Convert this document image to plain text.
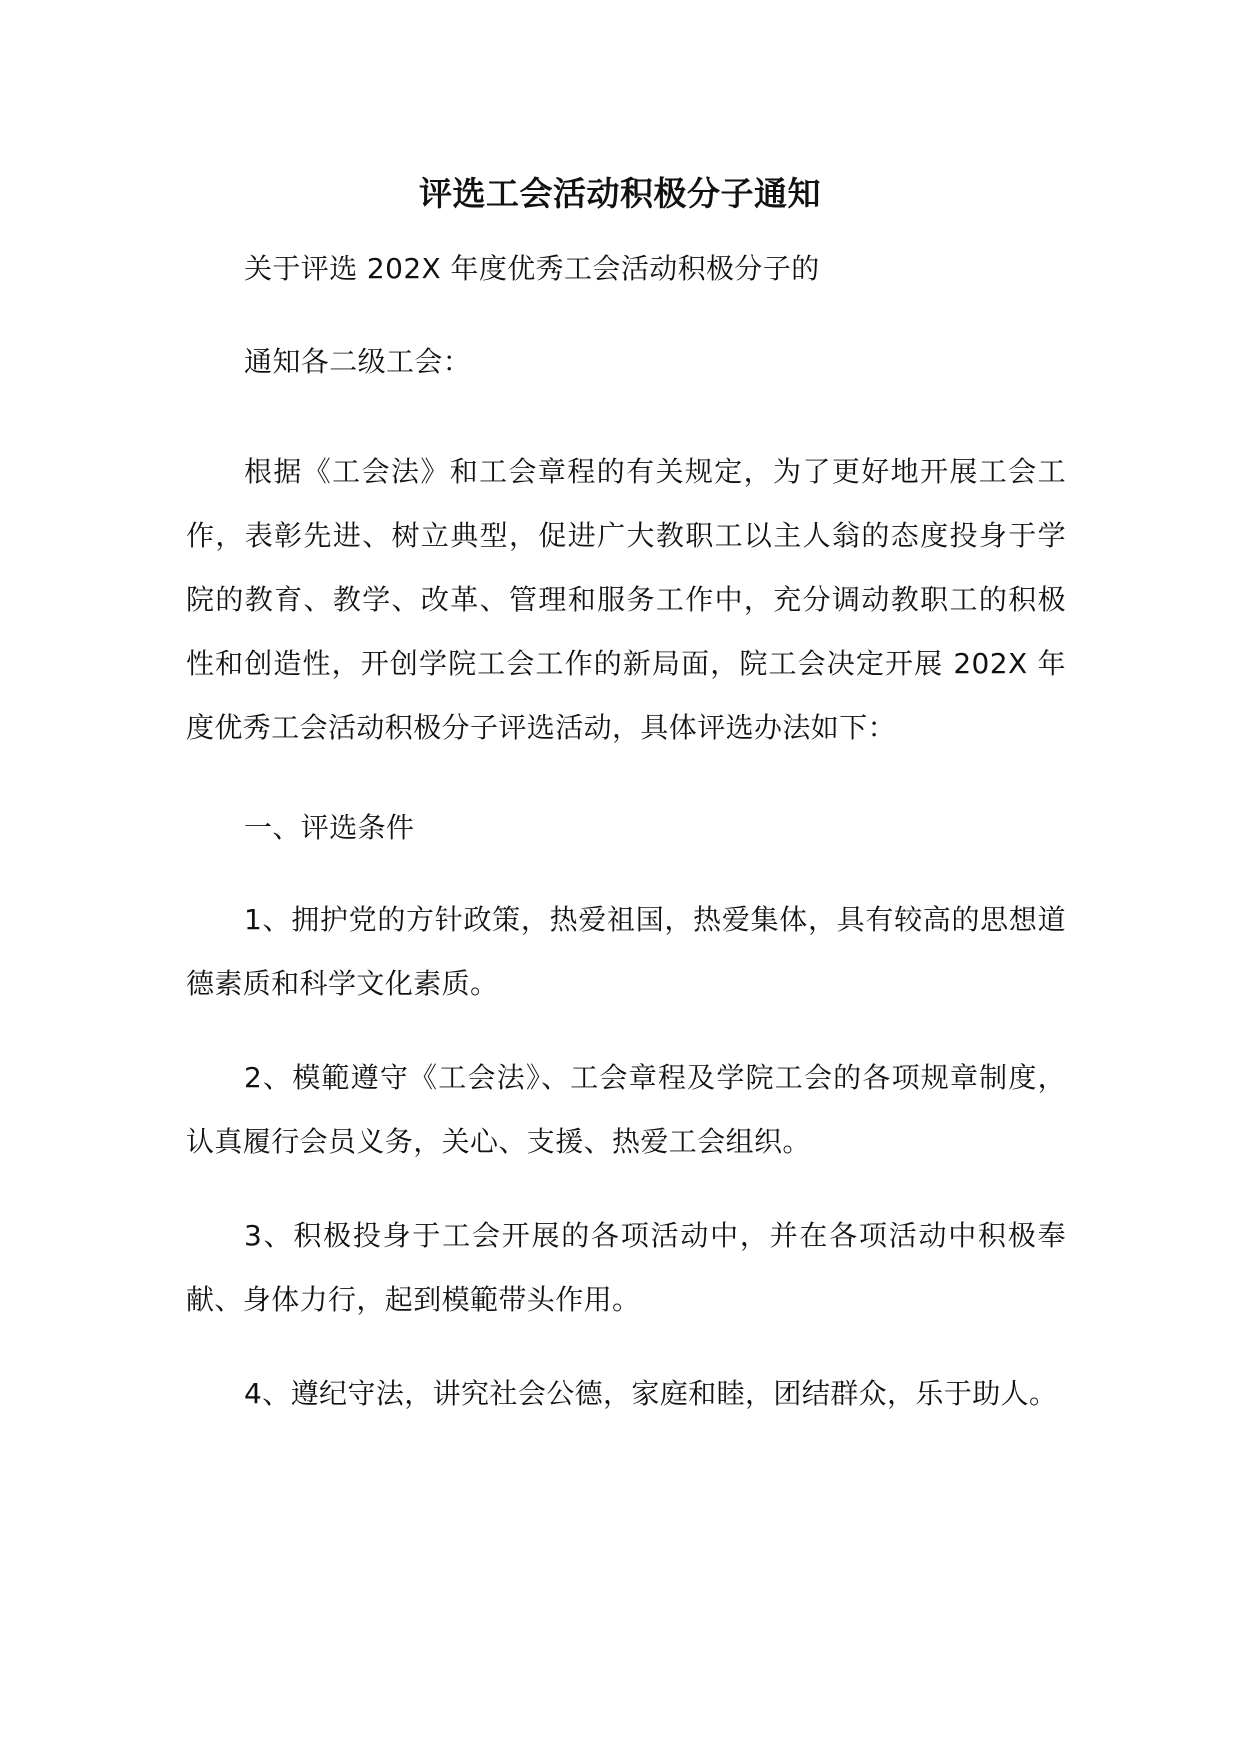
评选工会活动积极分子通知

关于评选 202X 年度优秀工会活动积极分子的

通知各二级工会：

根据《工会法》和工会章程的有关规定，为了更好地开展工会工作，表彰先进、树立典型，促进广大教职工以主人翁的态度投身于学院的教育、教学、改革、管理和服务工作中，充分调动教职工的积极性和创造性，开创学院工会工作的新局面，院工会决定开展 202X 年度优秀工会活动积极分子评选活动，具体评选办法如下：

一、评选条件

1、拥护党的方针政策，热爱祖国，热爱集体，具有较高的思想道德素质和科学文化素质。

2、模範遵守《工会法》、工会章程及学院工会的各项规章制度，认真履行会员义务，关心、支援、热爱工会组织。

3、积极投身于工会开展的各项活动中，并在各项活动中积极奉献、身体力行，起到模範带头作用。

4、遵纪守法，讲究社会公德，家庭和睦，团结群众，乐于助人。
